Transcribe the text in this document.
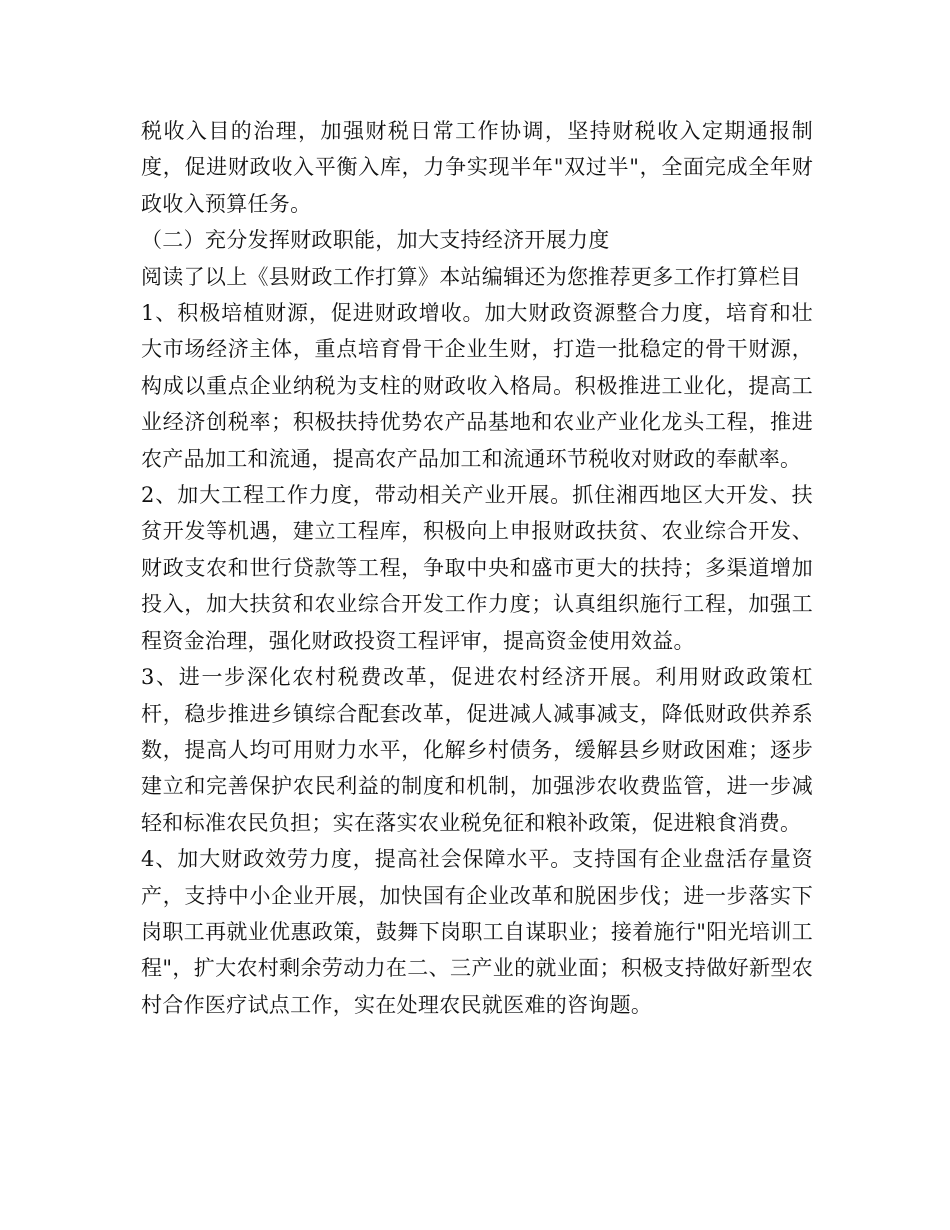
税收入目的治理，加强财税日常工作协调，坚持财税收入定期通报制度，促进财政收入平衡入库，力争实现半年"双过半"，全面完成全年财政收入预算任务。

（二）充分发挥财政职能，加大支持经济开展力度

阅读了以上《县财政工作打算》本站编辑还为您推荐更多工作打算栏目

1、积极培植财源，促进财政增收。加大财政资源整合力度，培育和壮大市场经济主体，重点培育骨干企业生财，打造一批稳定的骨干财源，构成以重点企业纳税为支柱的财政收入格局。积极推进工业化，提高工业经济创税率；积极扶持优势农产品基地和农业产业化龙头工程，推进农产品加工和流通，提高农产品加工和流通环节税收对财政的奉献率。

2、加大工程工作力度，带动相关产业开展。抓住湘西地区大开发、扶贫开发等机遇，建立工程库，积极向上申报财政扶贫、农业综合开发、财政支农和世行贷款等工程，争取中央和盛市更大的扶持；多渠道增加投入，加大扶贫和农业综合开发工作力度；认真组织施行工程，加强工程资金治理，强化财政投资工程评审，提高资金使用效益。

3、进一步深化农村税费改革，促进农村经济开展。利用财政政策杠杆，稳步推进乡镇综合配套改革，促进减人减事减支，降低财政供养系数，提高人均可用财力水平，化解乡村债务，缓解县乡财政困难；逐步建立和完善保护农民利益的制度和机制，加强涉农收费监管，进一步减轻和标准农民负担；实在落实农业税免征和粮补政策，促进粮食消费。

4、加大财政效劳力度，提高社会保障水平。支持国有企业盘活存量资产，支持中小企业开展，加快国有企业改革和脱困步伐；进一步落实下岗职工再就业优惠政策，鼓舞下岗职工自谋职业；接着施行"阳光培训工程"，扩大农村剩余劳动力在二、三产业的就业面；积极支持做好新型农村合作医疗试点工作，实在处理农民就医难的咨询题。
